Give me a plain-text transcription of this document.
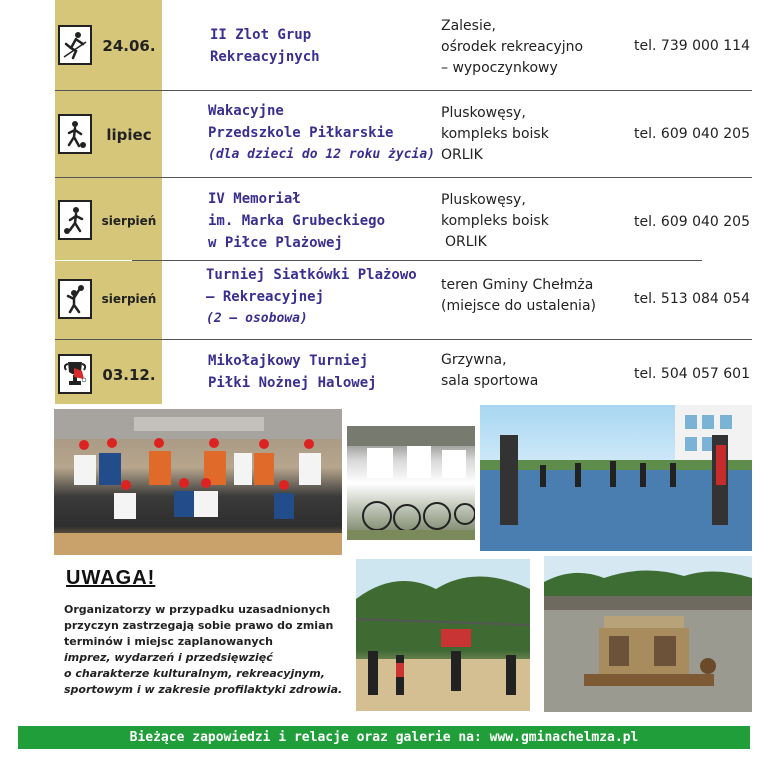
24.06.
II Zlot Grup
Rekreacyjnych
Zalesie,
ośrodek rekreacyjno
– wypoczynkowy
tel. 739 000 114
lipiec
Wakacyjne
Przedszkole Piłkarskie
(dla dzieci do 12 roku życia)
Pluskowęsy,
kompleks boisk
ORLIK
tel. 609 040 205
sierpień
IV Memoriał
im. Marka Grubeckiego
w Piłce Plażowej
Pluskowęsy,
kompleks boisk
ORLIK
tel. 609 040 205
sierpień
Turniej Siatkówki Plażowo
– Rekreacyjnej
(2 – osobowa)
teren Gminy Chełmża
(miejsce do ustalenia)	tel. 513 084 054
03.12.
Mikołajkowy Turniej
Piłki Nożnej Halowej
Grzywna,
sala sportowa	tel. 504 057 601
UWAGA!
Organizatorzy w przypadku uzasadnionych
przyczyn zastrzegają sobie prawo do zmian
terminów i miejsc zaplanowanych
imprez, wydarzeń i przedsięwzięć
o charakterze kulturalnym, rekreacyjnym,
sportowym i w zakresie profilaktyki zdrowia.
Bieżące zapowiedzi i relacje oraz galerie na: www.gminachelmza.pl
